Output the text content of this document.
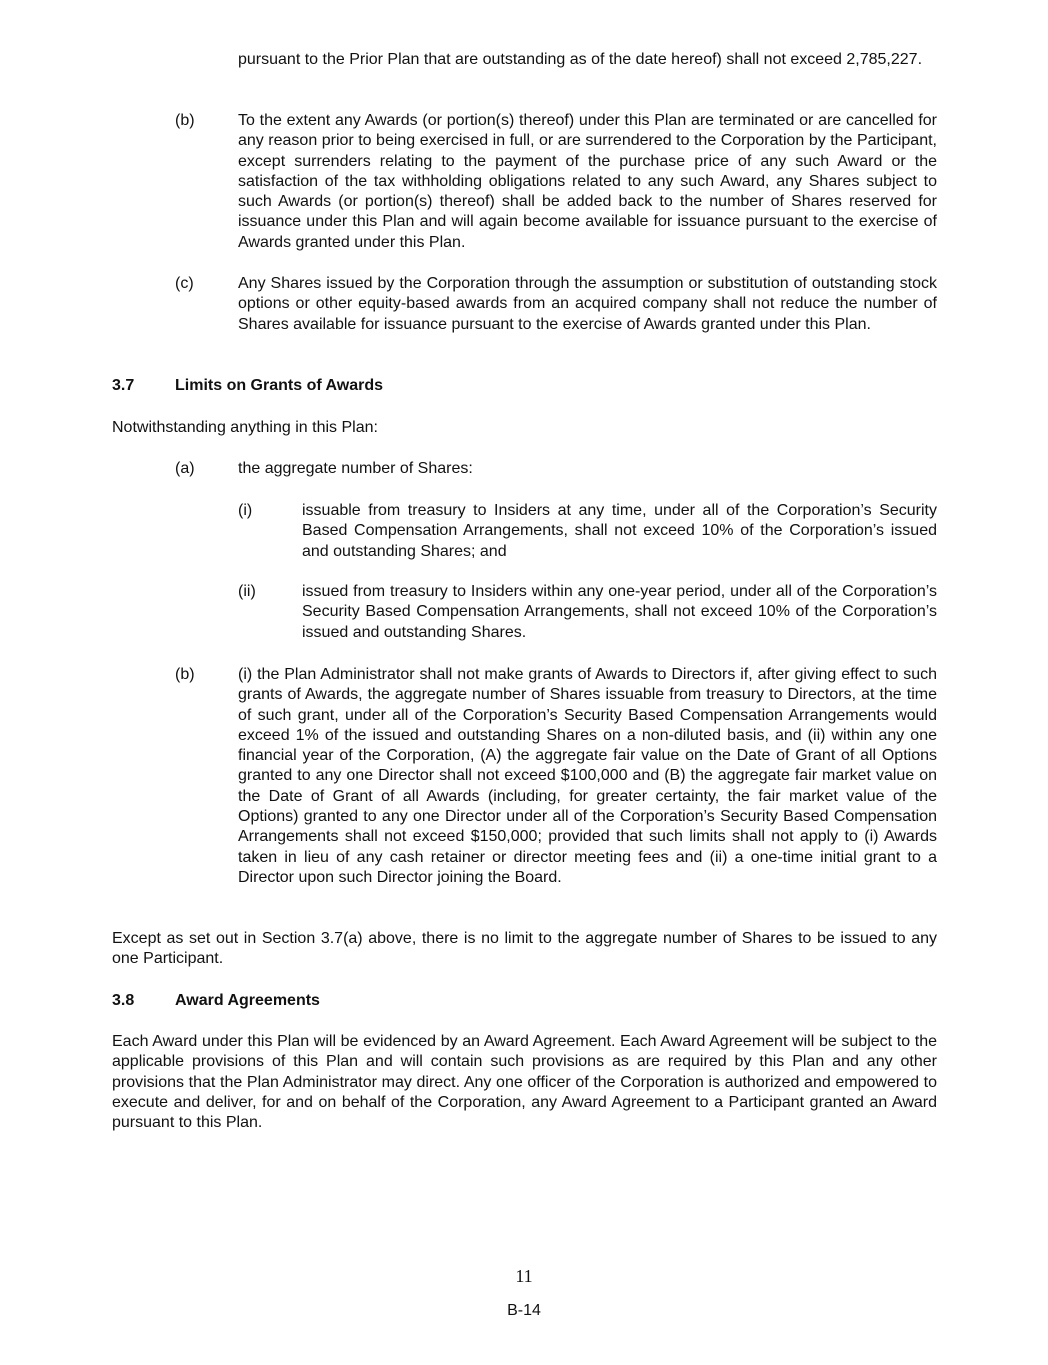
pursuant to the Prior Plan that are outstanding as of the date hereof) shall not exceed 2,785,227.
(b)	To the extent any Awards (or portion(s) thereof) under this Plan are terminated or are cancelled for any reason prior to being exercised in full, or are surrendered to the Corporation by the Participant, except surrenders relating to the payment of the purchase price of any such Award or the satisfaction of the tax withholding obligations related to any such Award, any Shares subject to such Awards (or portion(s) thereof) shall be added back to the number of Shares reserved for issuance under this Plan and will again become available for issuance pursuant to the exercise of Awards granted under this Plan.
(c)	Any Shares issued by the Corporation through the assumption or substitution of outstanding stock options or other equity-based awards from an acquired company shall not reduce the number of Shares available for issuance pursuant to the exercise of Awards granted under this Plan.
3.7	Limits on Grants of Awards
Notwithstanding anything in this Plan:
(a)	the aggregate number of Shares:
(i)	issuable from treasury to Insiders at any time, under all of the Corporation’s Security Based Compensation Arrangements, shall not exceed 10% of the Corporation’s issued and outstanding Shares; and
(ii)	issued from treasury to Insiders within any one-year period, under all of the Corporation’s Security Based Compensation Arrangements, shall not exceed 10% of the Corporation’s issued and outstanding Shares.
(b)	(i) the Plan Administrator shall not make grants of Awards to Directors if, after giving effect to such grants of Awards, the aggregate number of Shares issuable from treasury to Directors, at the time of such grant, under all of the Corporation’s Security Based Compensation Arrangements would exceed 1% of the issued and outstanding Shares on a non-diluted basis, and (ii) within any one financial year of the Corporation, (A) the aggregate fair value on the Date of Grant of all Options granted to any one Director shall not exceed $100,000 and (B) the aggregate fair market value on the Date of Grant of all Awards (including, for greater certainty, the fair market value of the Options) granted to any one Director under all of the Corporation’s Security Based Compensation Arrangements shall not exceed $150,000; provided that such limits shall not apply to (i) Awards taken in lieu of any cash retainer or director meeting fees and (ii) a one-time initial grant to a Director upon such Director joining the Board.
Except as set out in Section 3.7(a) above, there is no limit to the aggregate number of Shares to be issued to any one Participant.
3.8	Award Agreements
Each Award under this Plan will be evidenced by an Award Agreement. Each Award Agreement will be subject to the applicable provisions of this Plan and will contain such provisions as are required by this Plan and any other provisions that the Plan Administrator may direct. Any one officer of the Corporation is authorized and empowered to execute and deliver, for and on behalf of the Corporation, any Award Agreement to a Participant granted an Award pursuant to this Plan.
11
B-14
